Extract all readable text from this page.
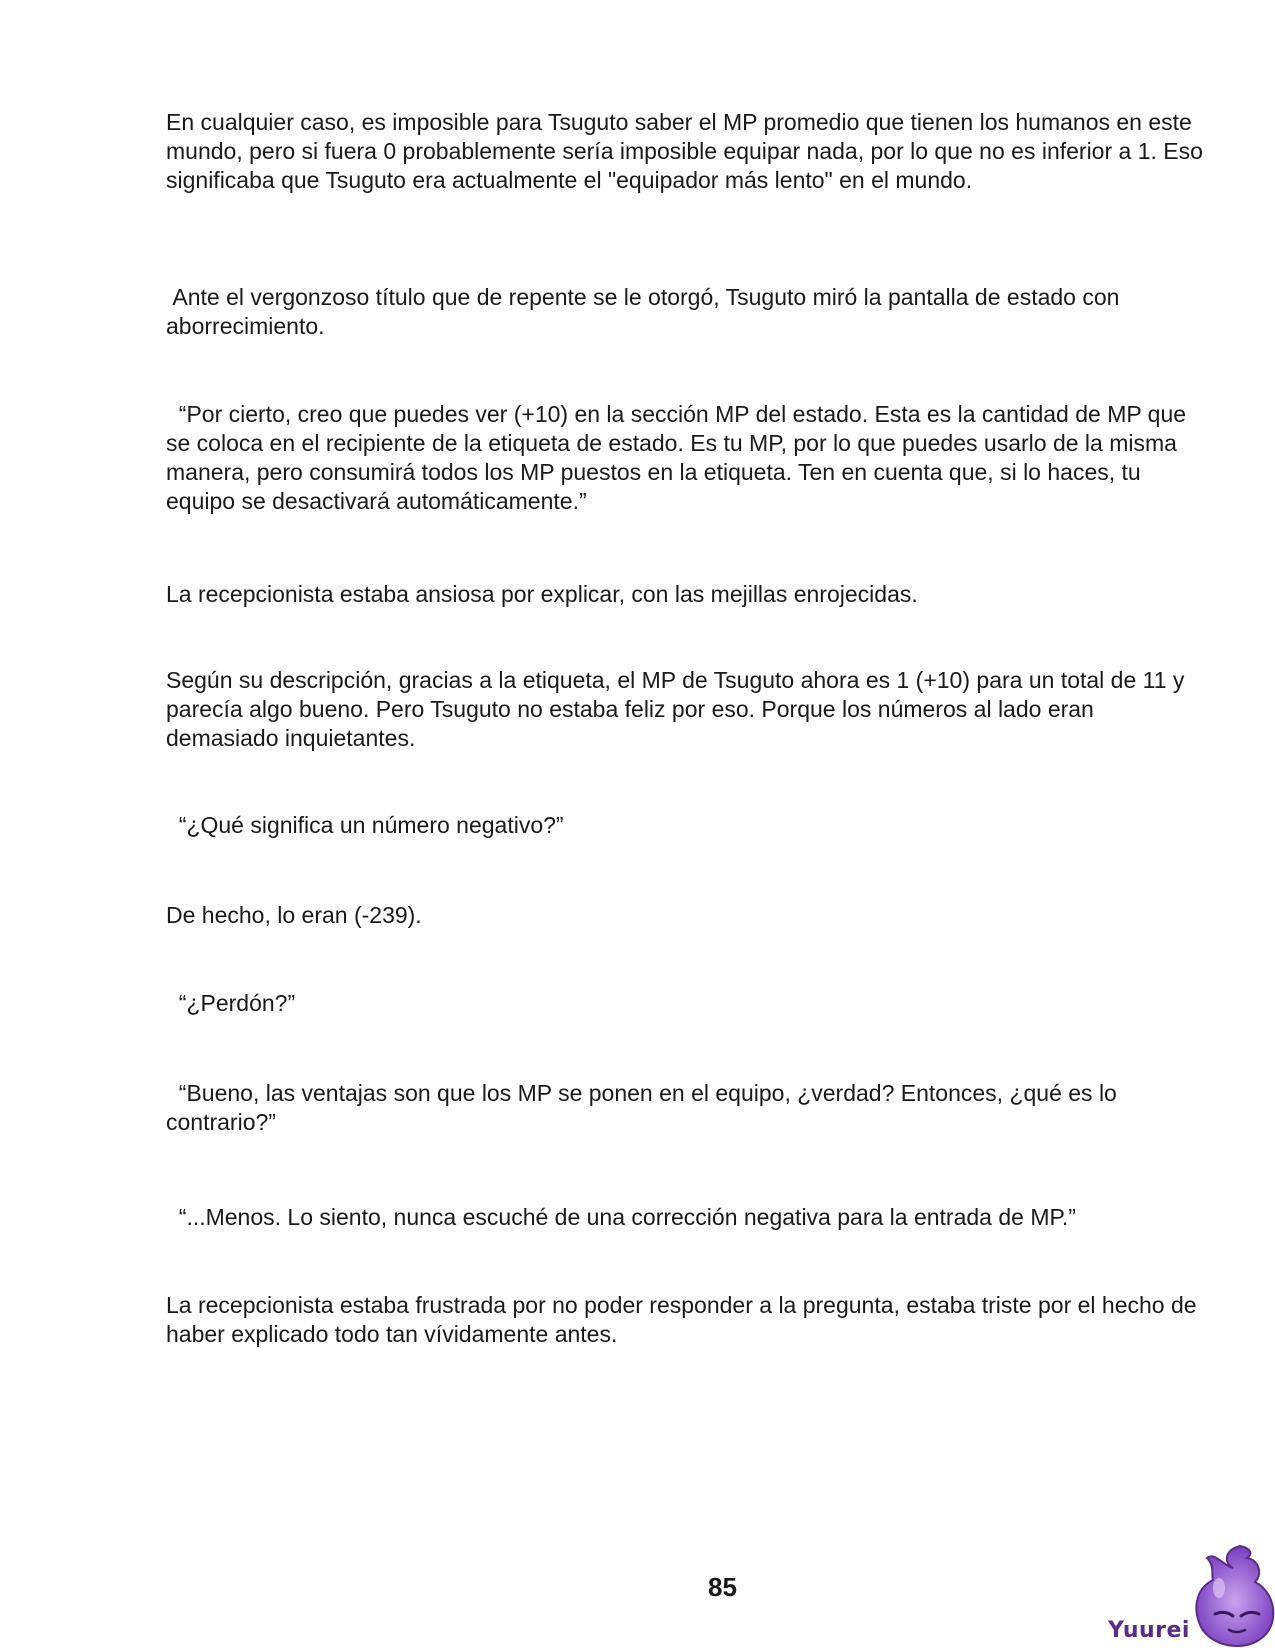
En cualquier caso, es imposible para Tsuguto saber el MP promedio que tienen los humanos en este mundo, pero si fuera 0 probablemente sería imposible equipar nada, por lo que no es inferior a 1. Eso significaba que Tsuguto era actualmente el "equipador más lento" en el mundo.

Ante el vergonzoso título que de repente se le otorgó, Tsuguto miró la pantalla de estado con aborrecimiento.

“Por cierto, creo que puedes ver (+10) en la sección MP del estado. Esta es la cantidad de MP que se coloca en el recipiente de la etiqueta de estado. Es tu MP, por lo que puedes usarlo de la misma manera, pero consumirá todos los MP puestos en la etiqueta. Ten en cuenta que, si lo haces, tu equipo se desactivará automáticamente.”

La recepcionista estaba ansiosa por explicar, con las mejillas enrojecidas.

Según su descripción, gracias a la etiqueta, el MP de Tsuguto ahora es 1 (+10) para un total de 11 y parecía algo bueno. Pero Tsuguto no estaba feliz por eso. Porque los números al lado eran demasiado inquietantes.

“¿Qué significa un número negativo?”

De hecho, lo eran (-239).

“¿Perdón?”

“Bueno, las ventajas son que los MP se ponen en el equipo, ¿verdad? Entonces, ¿qué es lo contrario?”

“...Menos. Lo siento, nunca escuché de una corrección negativa para la entrada de MP.”

La recepcionista estaba frustrada por no poder responder a la pregunta, estaba triste por el hecho de haber explicado todo tan vívidamente antes.

85

Yuurei
